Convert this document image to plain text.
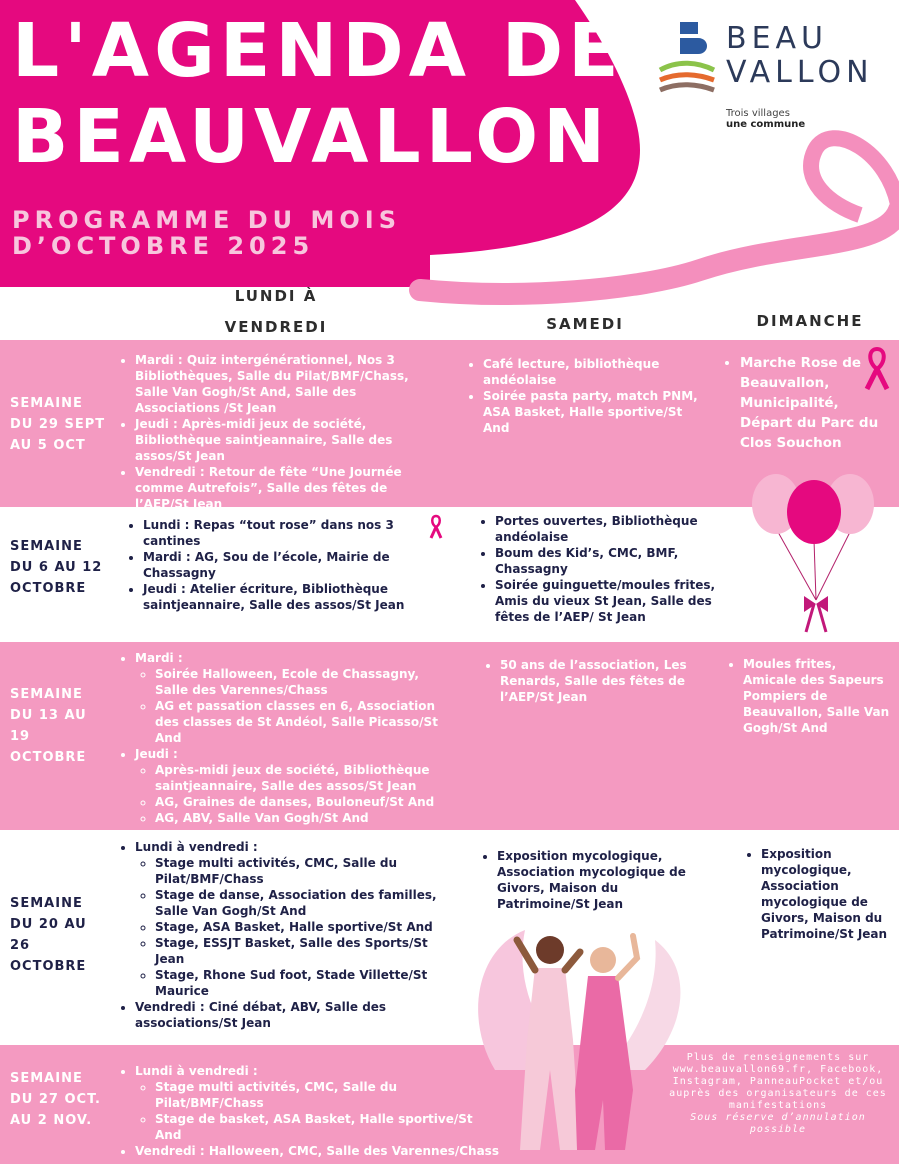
L'AGENDA DE
BEAUVALLON
PROGRAMME DU MOIS
D’OCTOBRE 2025
BEAU
VALLON
Trois villages
une commune
LUNDI À VENDREDI	SAMEDI	DIMANCHE
SEMAINE DU 29 SEPT AU 5 OCT
SEMAINE DU 6 AU 12 OCTOBRE
SEMAINE DU 13 AU 19 OCTOBRE
SEMAINE DU 20 AU 26 OCTOBRE
SEMAINE DU 27 OCT. AU 2 NOV.
• Mardi : Quiz intergénérationnel, Nos 3 Bibliothèques, Salle du Pilat/BMF/Chass, Salle Van Gogh/St And, Salle des Associations /St Jean
• Jeudi : Après-midi jeux de société, Bibliothèque saintjeannaire, Salle des assos/St Jean
• Vendredi : Retour de fête “Une Journée comme Autrefois”, Salle des fêtes de l’AEP/St Jean
• Café lecture, bibliothèque andéolaise
• Soirée pasta party, match PNM, ASA Basket, Halle sportive/St And
• Marche Rose de Beauvallon, Municipalité, Départ du Parc du Clos Souchon
• Lundi : Repas “tout rose” dans nos 3 cantines
• Mardi : AG, Sou de l’école, Mairie de Chassagny
• Jeudi : Atelier écriture, Bibliothèque saintjeannaire, Salle des assos/St Jean
• Portes ouvertes, Bibliothèque andéolaise
• Boum des Kid’s, CMC, BMF, Chassagny
• Soirée guinguette/moules frites, Amis du vieux St Jean, Salle des fêtes de l’AEP/ St Jean
• Mardi :
◦ Soirée Halloween, Ecole de Chassagny, Salle des Varennes/Chass
◦ AG et passation classes en 6, Association des classes de St Andéol, Salle Picasso/St And
• Jeudi :
◦ Après-midi jeux de société, Bibliothèque saintjeannaire, Salle des assos/St Jean
◦ AG, Graines de danses, Bouloneuf/St And
◦ AG, ABV, Salle Van Gogh/St And
• 50 ans de l’association, Les Renards, Salle des fêtes de l’AEP/St Jean
• Moules frites, Amicale des Sapeurs Pompiers de Beauvallon, Salle Van Gogh/St And
• Lundi à vendredi :
◦ Stage multi activités, CMC, Salle du Pilat/BMF/Chass
◦ Stage de danse, Association des familles, Salle Van Gogh/St And
◦ Stage, ASA Basket, Halle sportive/St And
◦ Stage, ESSJT Basket, Salle des Sports/St Jean
◦ Stage, Rhone Sud foot, Stade Villette/St Maurice
• Vendredi : Ciné débat, ABV, Salle des associations/St Jean
• Exposition mycologique, Association mycologique de Givors, Maison du Patrimoine/St Jean
• Exposition mycologique, Association mycologique de Givors, Maison du Patrimoine/St Jean
• Lundi à vendredi :
◦ Stage multi activités, CMC, Salle du Pilat/BMF/Chass
◦ Stage de basket, ASA Basket, Halle sportive/St And
• Vendredi : Halloween, CMC, Salle des Varennes/Chass
Plus de renseignements sur www.beauvallon69.fr, Facebook, Instagram, PanneauPocket et/ou auprès des organisateurs de ces manifestations
Sous réserve d’annulation possible
